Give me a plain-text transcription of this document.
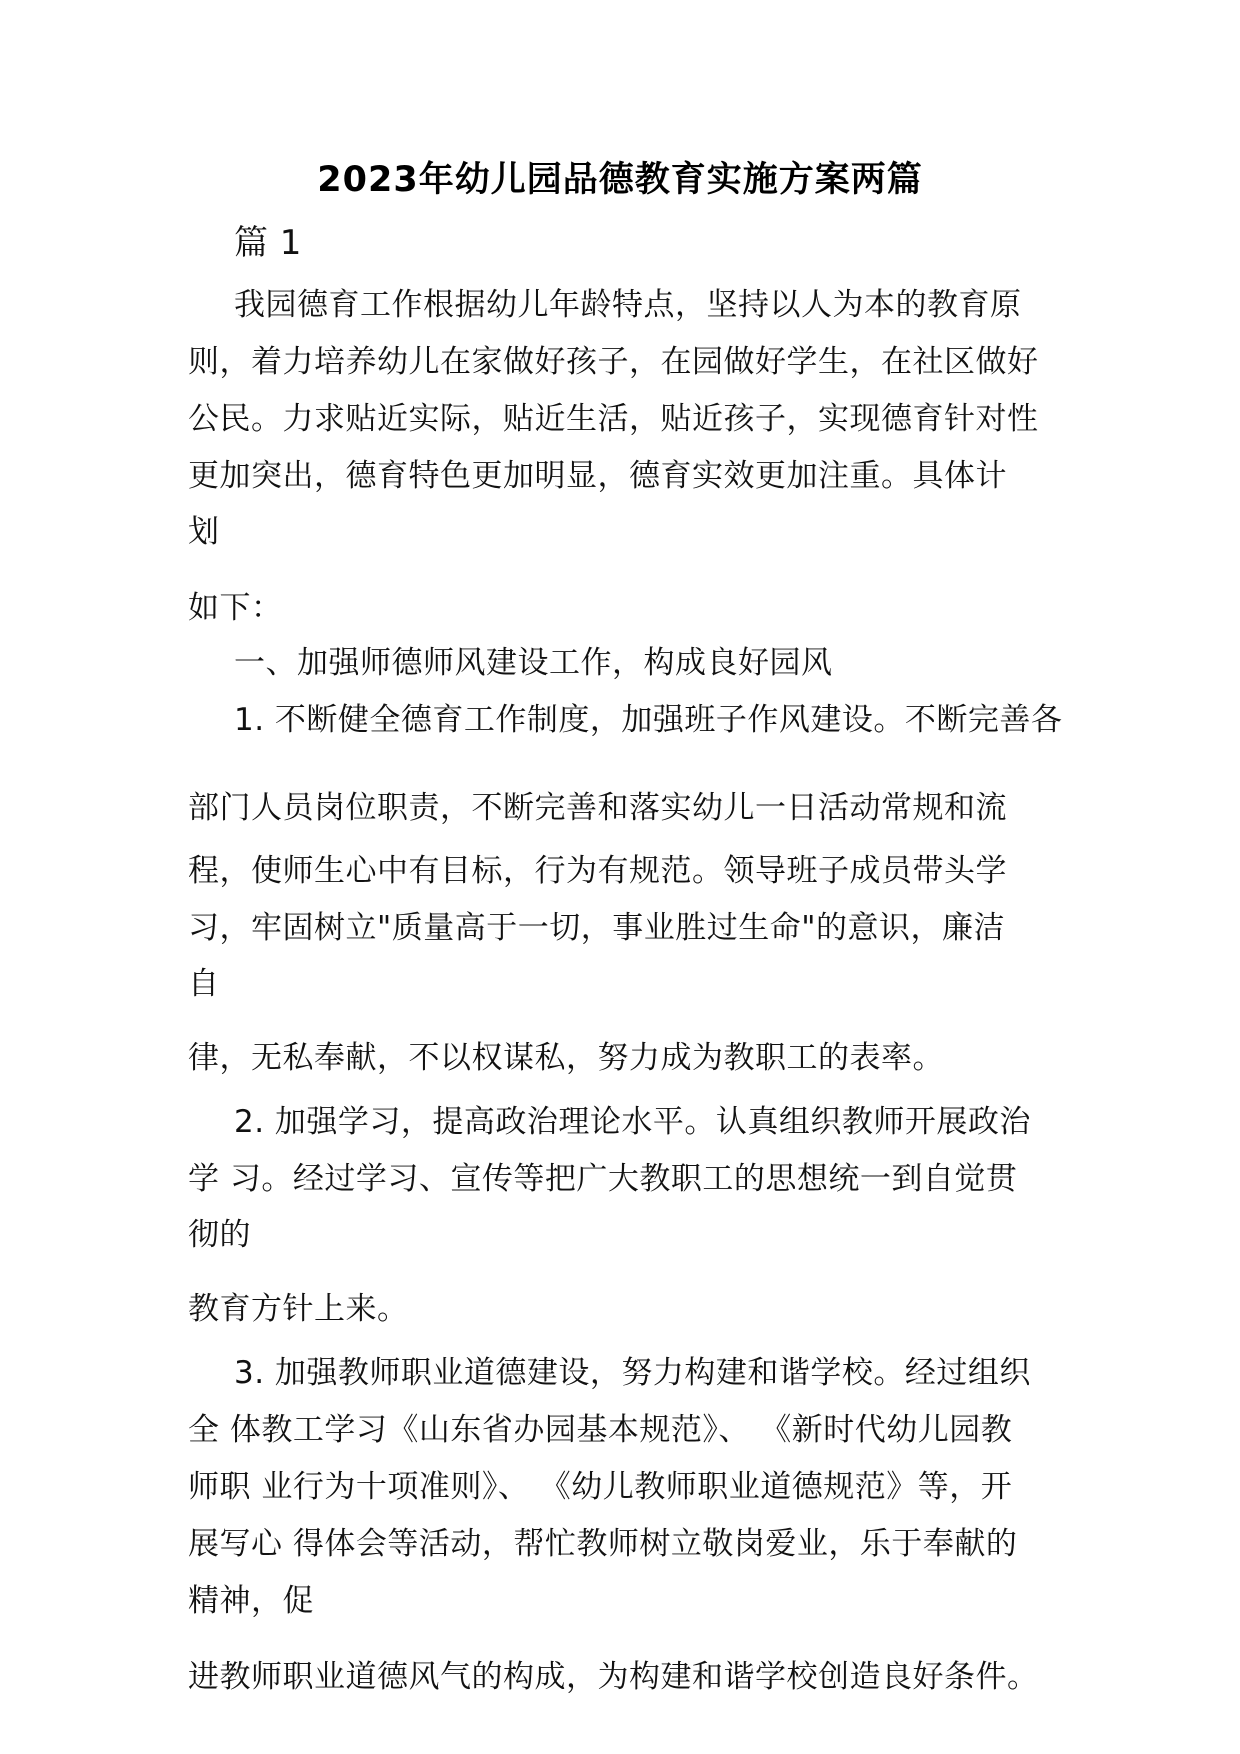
2023年幼儿园品德教育实施方案两篇
篇 1
我园德育工作根据幼儿年龄特点，坚持以人为本的教育原
则，着力培养幼儿在家做好孩子，在园做好学生，在社区做好
公民。力求贴近实际，贴近生活，贴近孩子，实现德育针对性
更加突出，德育特色更加明显，德育实效更加注重。具体计
划
如下：
一、加强师德师风建设工作，构成良好园风
1. 不断健全德育工作制度，加强班子作风建设。不断完善各
部门人员岗位职责，不断完善和落实幼儿一日活动常规和流
程，使师生心中有目标，行为有规范。领导班子成员带头学
习，牢固树立"质量高于一切，事业胜过生命"的意识，廉洁
自
律，无私奉献，不以权谋私，努力成为教职工的表率。
2. 加强学习，提高政治理论水平。认真组织教师开展政治
学 习。经过学习、宣传等把广大教职工的思想统一到自觉贯
彻的
教育方针上来。
3. 加强教师职业道德建设，努力构建和谐学校。经过组织
全 体教工学习《山东省办园基本规范》、 《新时代幼儿园教
师职 业行为十项准则》、 《幼儿教师职业道德规范》等，开
展写心 得体会等活动，帮忙教师树立敬岗爱业，乐于奉献的
精神，促
进教师职业道德风气的构成，为构建和谐学校创造良好条件。
